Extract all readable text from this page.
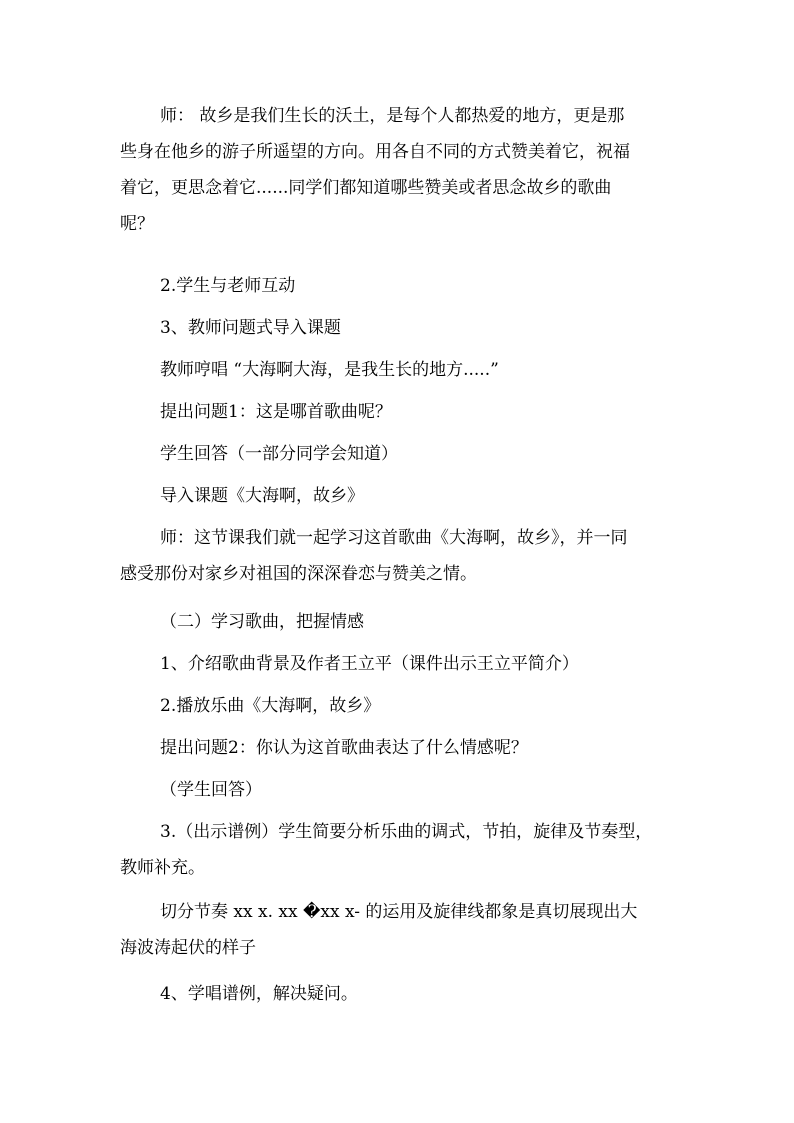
师： 故乡是我们生长的沃土，是每个人都热爱的地方，更是那
些身在他乡的游子所遥望的方向。用各自不同的方式赞美着它，祝福
着它，更思念着它......同学们都知道哪些赞美或者思念故乡的歌曲
呢？
2.学生与老师互动
3、教师问题式导入课题
教师哼唱 “大海啊大海，是我生长的地方.....”
提出问题1：这是哪首歌曲呢？
学生回答（一部分同学会知道）
导入课题《大海啊，故乡》
师：这节课我们就一起学习这首歌曲《大海啊，故乡》，并一同
感受那份对家乡对祖国的深深眷恋与赞美之情。
（二）学习歌曲，把握情感
1、介绍歌曲背景及作者王立平（课件出示王立平简介）
2.播放乐曲《大海啊，故乡》
提出问题2：你认为这首歌曲表达了什么情感呢？
（学生回答）
3.（出示谱例）学生简要分析乐曲的调式，节拍，旋律及节奏型，
教师补充。
切分节奏 xx x. xx �xx x- 的运用及旋律线都象是真切展现出大
海波涛起伏的样子
4、学唱谱例，解决疑问。
